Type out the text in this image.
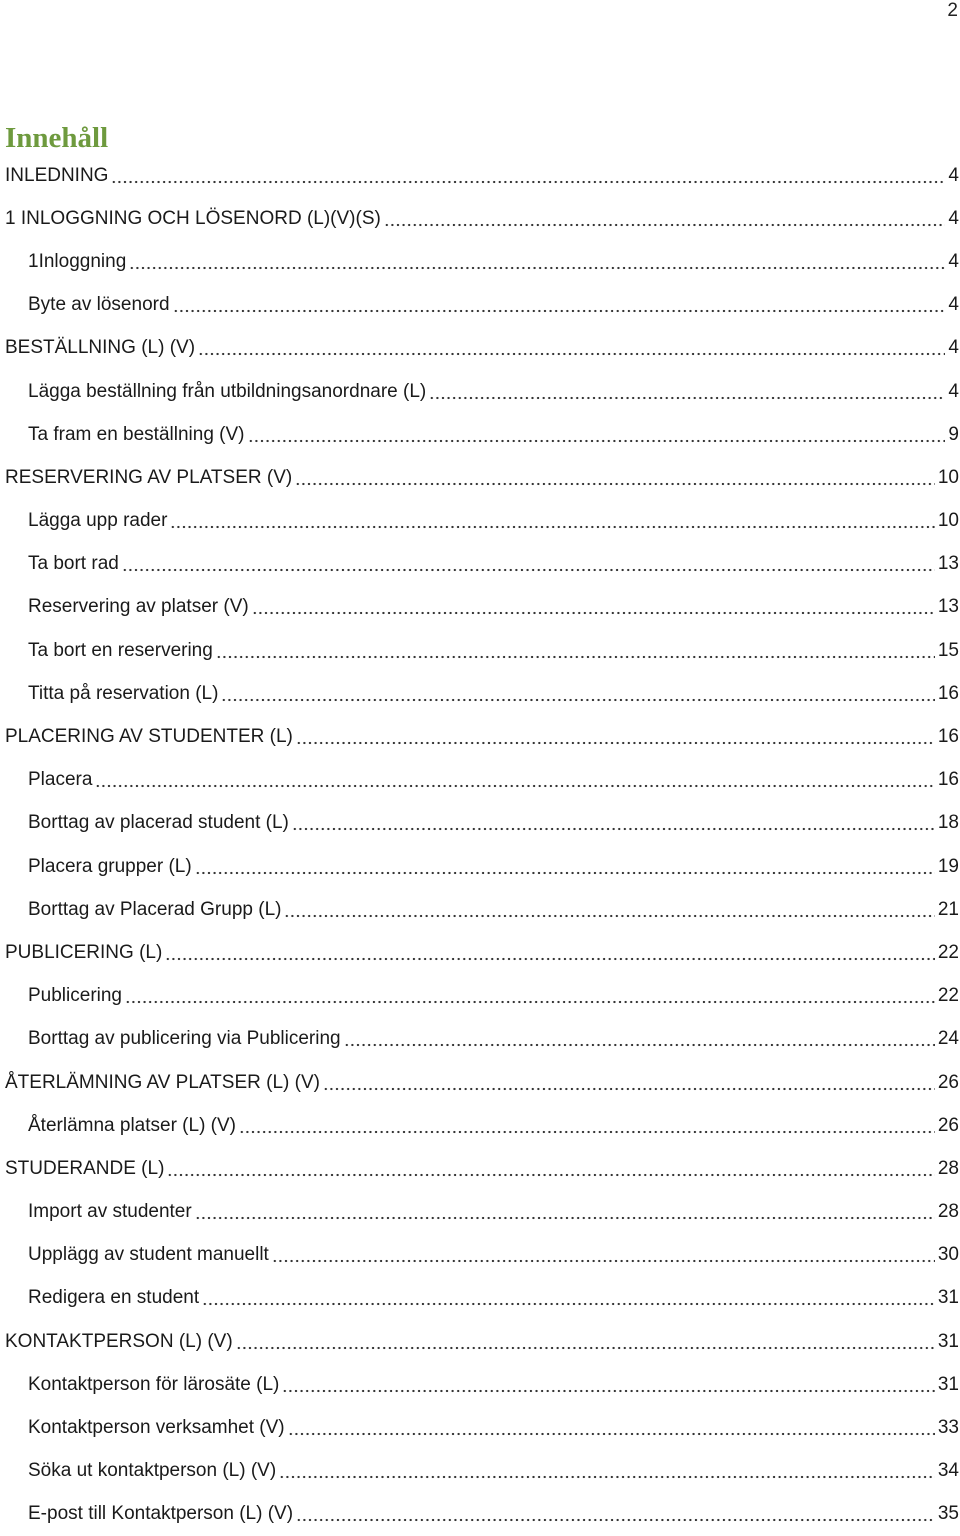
2
Innehåll
INLEDNING	4
1 INLOGGNING OCH LÖSENORD (L)(V)(S)	4
1Inloggning	4
Byte av lösenord	4
BESTÄLLNING (L) (V)	4
Lägga beställning från utbildningsanordnare (L)	4
Ta fram en beställning (V)	9
RESERVERING AV PLATSER (V)	10
Lägga upp rader	10
Ta bort rad	13
Reservering av platser (V)	13
Ta bort en reservering	15
Titta på reservation (L)	16
PLACERING AV STUDENTER (L)	16
Placera	16
Borttag av placerad student (L)	18
Placera grupper (L)	19
Borttag av Placerad Grupp (L)	21
PUBLICERING (L)	22
Publicering	22
Borttag av publicering via Publicering	24
ÅTERLÄMNING AV PLATSER (L) (V)	26
Återlämna platser (L) (V)	26
STUDERANDE (L)	28
Import av studenter	28
Upplägg av student manuellt	30
Redigera en student	31
KONTAKTPERSON (L) (V)	31
Kontaktperson för lärosäte (L)	31
Kontaktperson verksamhet (V)	33
Söka ut kontaktperson (L) (V)	34
E-post till Kontaktperson (L) (V)	35
